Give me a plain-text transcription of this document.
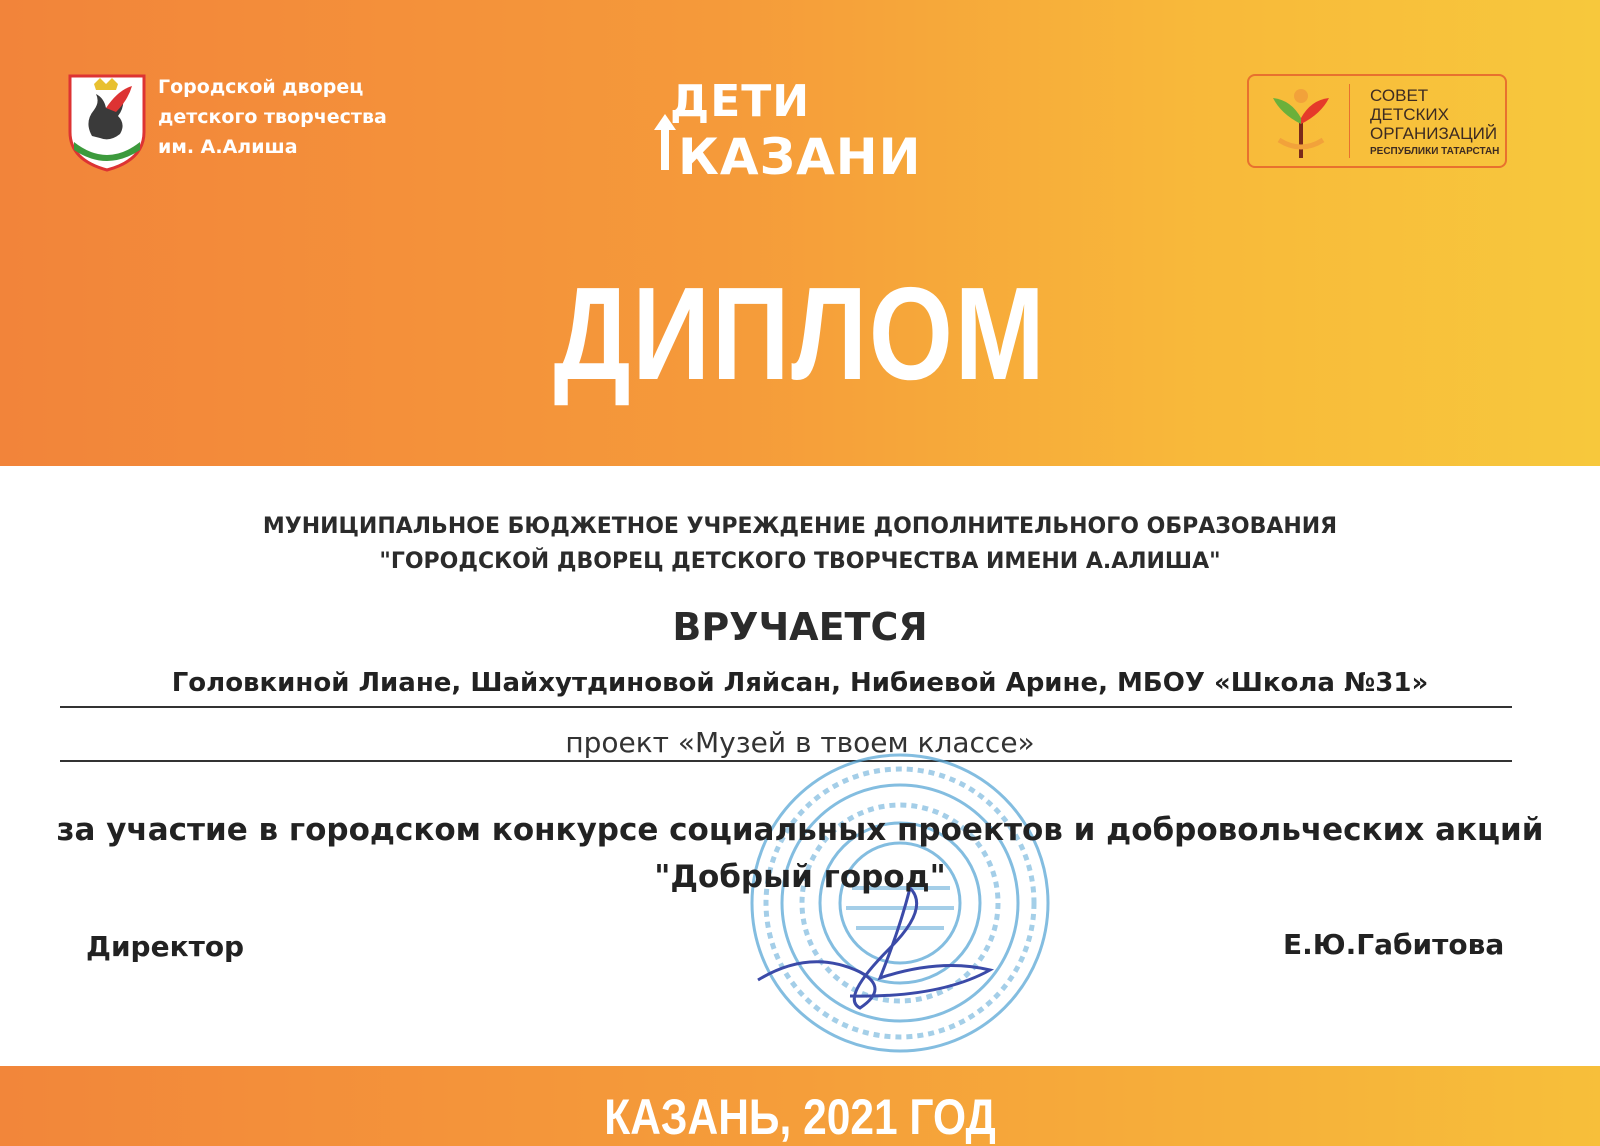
Городской дворец
детского творчества
им. А.Алиша
ДЕТИ
КАЗАНИ
СОВЕТ
ДЕТСКИХ
ОРГАНИЗАЦИЙ
РЕСПУБЛИКИ ТАТАРСТАН
ДИПЛОМ
МУНИЦИПАЛЬНОЕ БЮДЖЕТНОЕ УЧРЕЖДЕНИЕ ДОПОЛНИТЕЛЬНОГО ОБРАЗОВАНИЯ
"ГОРОДСКОЙ ДВОРЕЦ ДЕТСКОГО ТВОРЧЕСТВА ИМЕНИ А.АЛИША"
ВРУЧАЕТСЯ
Головкиной Лиане, Шайхутдиновой Ляйсан, Нибиевой Арине, МБОУ «Школа №31»
проект «Музей в твоем классе»
за участие в городском конкурсе социальных проектов и добровольческих акций
"Добрый город"
Директор	Е.Ю.Габитова
КАЗАНЬ, 2021 ГОД
